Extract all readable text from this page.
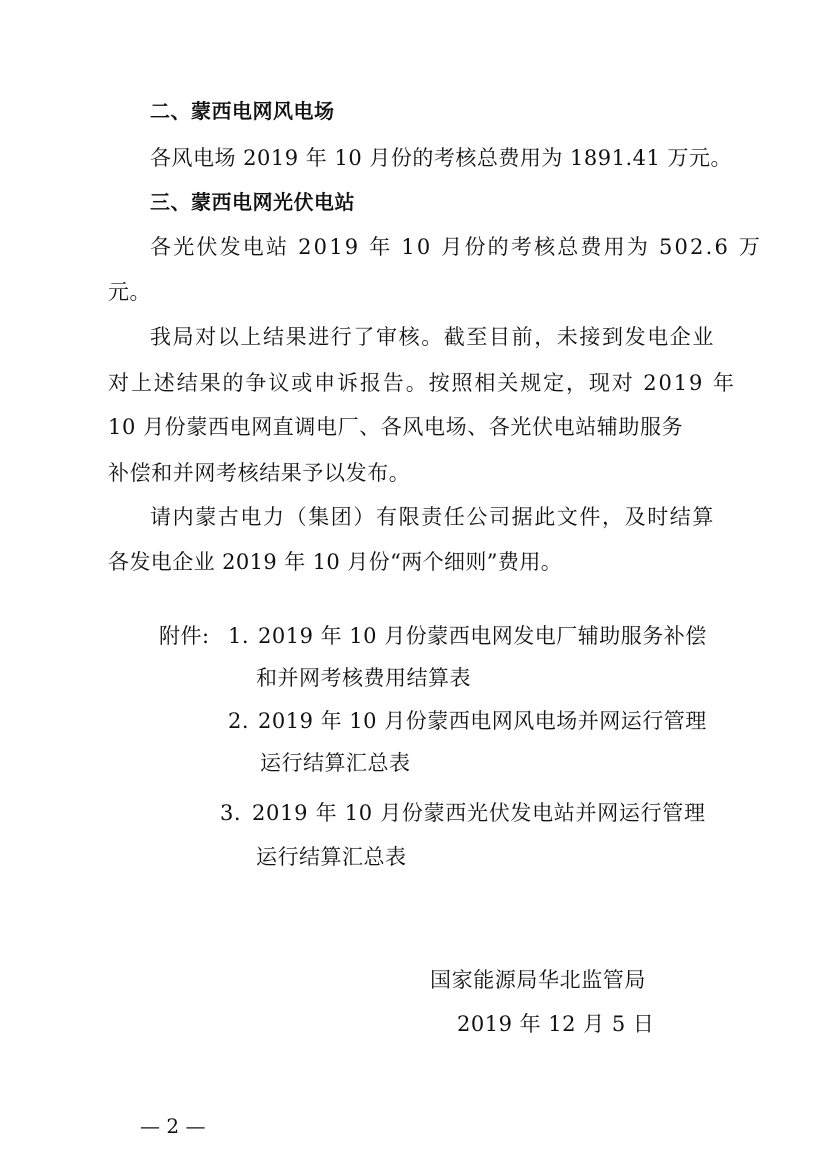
二、蒙西电网风电场
各风电场 2019 年 10 月份的考核总费用为 1891.41 万元。
三、蒙西电网光伏电站
各光伏发电站 2019 年 10 月份的考核总费用为 502.6 万
元。
我局对以上结果进行了审核。截至目前，未接到发电企业
对上述结果的争议或申诉报告。按照相关规定，现对 2019 年
10 月份蒙西电网直调电厂、各风电场、各光伏电站辅助服务
补偿和并网考核结果予以发布。
请内蒙古电力（集团）有限责任公司据此文件，及时结算
各发电企业 2019 年 10 月份“两个细则”费用。
附件: 1. 2019 年 10 月份蒙西电网发电厂辅助服务补偿
和并网考核费用结算表
2. 2019 年 10 月份蒙西电网风电场并网运行管理
运行结算汇总表
3. 2019 年 10 月份蒙西光伏发电站并网运行管理
运行结算汇总表
国家能源局华北监管局
2019 年 12 月 5 日
— 2 —
